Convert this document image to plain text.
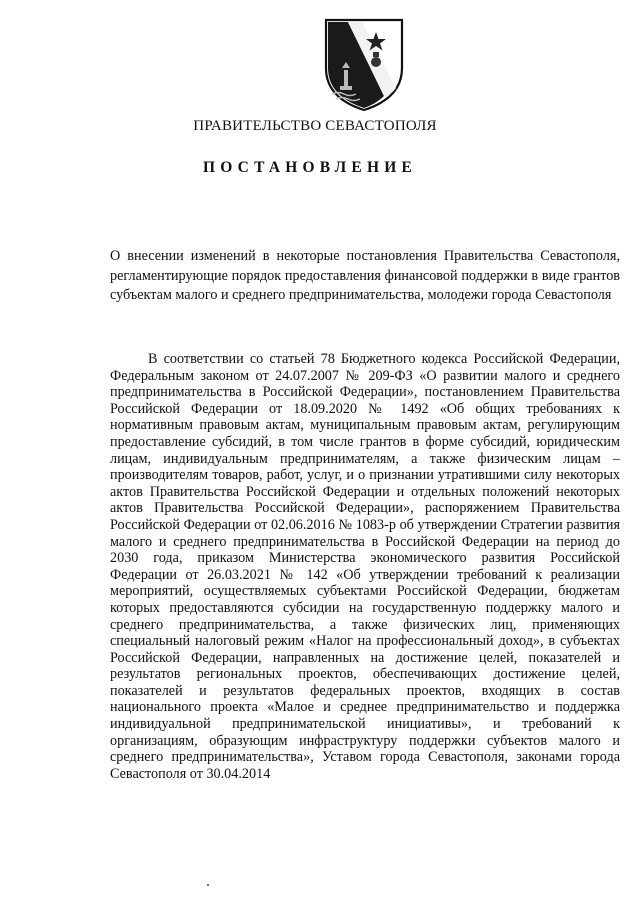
ПРАВИТЕЛЬСТВО СЕВАСТОПОЛЯ
ПОСТАНОВЛЕНИЕ
О внесении изменений в некоторые постановления Правительства Севастополя, регламентирующие порядок предоставления финансовой поддержки в виде грантов субъектам малого и среднего предпринимательства, молодежи города Севастополя

В соответствии со статьей 78 Бюджетного кодекса Российской Федерации, Федеральным законом от 24.07.2007 № 209-ФЗ «О развитии малого и среднего предпринимательства в Российской Федерации», постановлением Правительства Российской Федерации от 18.09.2020 № 1492 «Об общих требованиях к нормативным правовым актам, муниципальным правовым актам, регулирующим предоставление субсидий, в том числе грантов в форме субсидий, юридическим лицам, индивидуальным предпринимателям, а также физическим лицам – производителям товаров, работ, услуг, и о признании утратившими силу некоторых актов Правительства Российской Федерации и отдельных положений некоторых актов Правительства Российской Федерации», распоряжением Правительства Российской Федерации от 02.06.2016 № 1083-р об утверждении Стратегии развития малого и среднего предпринимательства в Российской Федерации на период до 2030 года, приказом Министерства экономического развития Российской Федерации от 26.03.2021 № 142 «Об утверждении требований к реализации мероприятий, осуществляемых субъектами Российской Федерации, бюджетам которых предоставляются субсидии на государственную поддержку малого и среднего предпринимательства, а также физических лиц, применяющих специальный налоговый режим «Налог на профессиональный доход», в субъектах Российской Федерации, направленных на достижение целей, показателей и результатов региональных проектов, обеспечивающих достижение целей, показателей и результатов федеральных проектов, входящих в состав национального проекта «Малое и среднее предпринимательство и поддержка индивидуальной предпринимательской инициативы», и требований к организациям, образующим инфраструктуру поддержки субъектов малого и среднего предпринимательства», Уставом города Севастополя, законами города Севастополя от 30.04.2014
